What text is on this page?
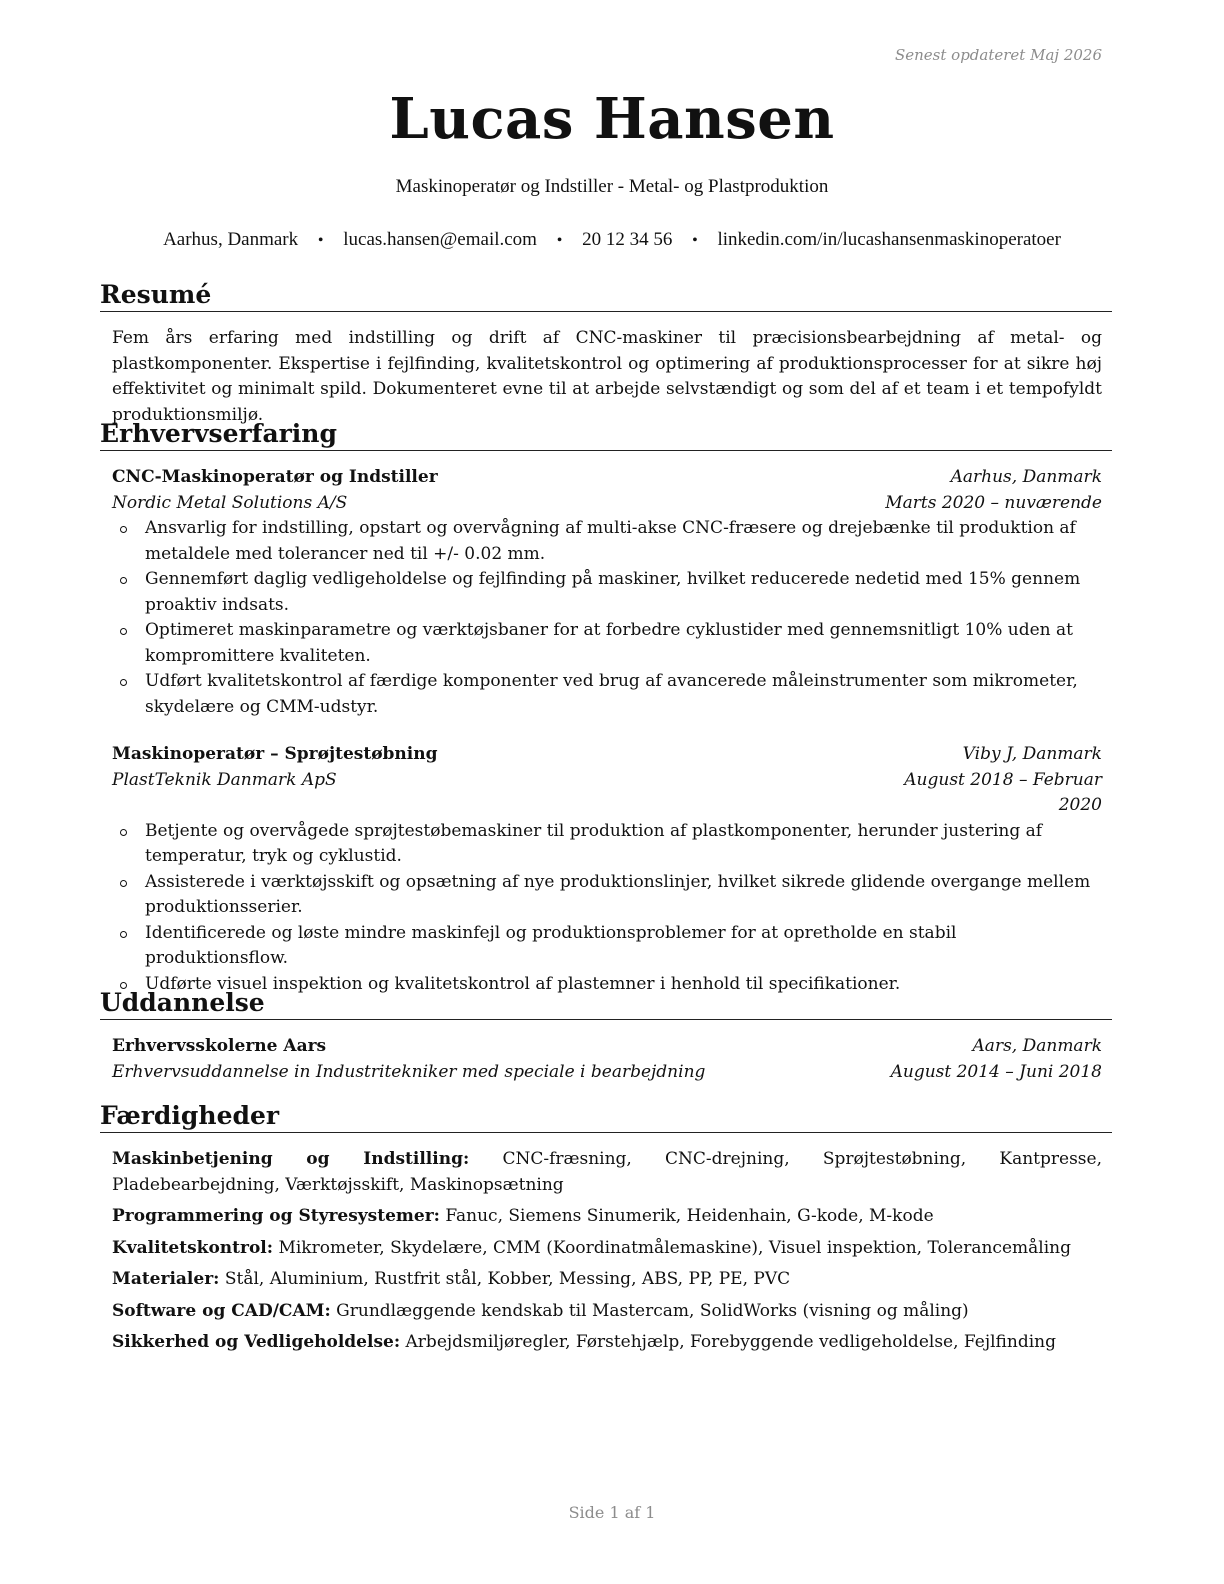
Senest opdateret Maj 2026
Lucas Hansen
Maskinoperatør og Indstiller - Metal- og Plastproduktion
Aarhus, Danmark • lucas.hansen@email.com • 20 12 34 56 • linkedin.com/in/lucashansenmaskinoperatoer
Resumé
Fem års erfaring med indstilling og drift af CNC-maskiner til præcisionsbearbejdning af metal- og plastkomponenter. Ekspertise i fejlfinding, kvalitetskontrol og optimering af produktionsprocesser for at sikre høj effektivitet og minimalt spild. Dokumenteret evne til at arbejde selvstændigt og som del af et team i et tempofyldt produktionsmiljø.
Erhvervserfaring
CNC-Maskinoperatør og Indstiller	Aarhus, Danmark
Nordic Metal Solutions A/S	Marts 2020 – nuværende
Ansvarlig for indstilling, opstart og overvågning af multi-akse CNC-fræsere og drejebænke til produktion af metaldele med tolerancer ned til +/- 0.02 mm.
Gennemført daglig vedligeholdelse og fejlfinding på maskiner, hvilket reducerede nedetid med 15% gennem proaktiv indsats.
Optimeret maskinparametre og værktøjsbaner for at forbedre cyklustider med gennemsnitligt 10% uden at kompromittere kvaliteten.
Udført kvalitetskontrol af færdige komponenter ved brug af avancerede måleinstrumenter som mikrometer, skydelære og CMM-udstyr.
Maskinoperatør – Sprøjtestøbning	Viby J, Danmark
PlastTeknik Danmark ApS	August 2018 – Februar 2020
Betjente og overvågede sprøjtestøbemaskiner til produktion af plastkomponenter, herunder justering af temperatur, tryk og cyklustid.
Assisterede i værktøjsskift og opsætning af nye produktionslinjer, hvilket sikrede glidende overgange mellem produktionsserier.
Identificerede og løste mindre maskinfejl og produktionsproblemer for at opretholde en stabil produktionsflow.
Udførte visuel inspektion og kvalitetskontrol af plastemner i henhold til specifikationer.
Uddannelse
Erhvervsskolerne Aars	Aars, Danmark
Erhvervsuddannelse in Industritekniker med speciale i bearbejdning	August 2014 – Juni 2018
Færdigheder
Maskinbetjening og Indstilling: CNC-fræsning, CNC-drejning, Sprøjtestøbning, Kantpresse, Pladebearbejdning, Værktøjsskift, Maskinopsætning
Programmering og Styresystemer: Fanuc, Siemens Sinumerik, Heidenhain, G-kode, M-kode
Kvalitetskontrol: Mikrometer, Skydelære, CMM (Koordinatmålemaskine), Visuel inspektion, Tolerancemåling
Materialer: Stål, Aluminium, Rustfrit stål, Kobber, Messing, ABS, PP, PE, PVC
Software og CAD/CAM: Grundlæggende kendskab til Mastercam, SolidWorks (visning og måling)
Sikkerhed og Vedligeholdelse: Arbejdsmiljøregler, Førstehjælp, Forebyggende vedligeholdelse, Fejlfinding
Side 1 af 1
